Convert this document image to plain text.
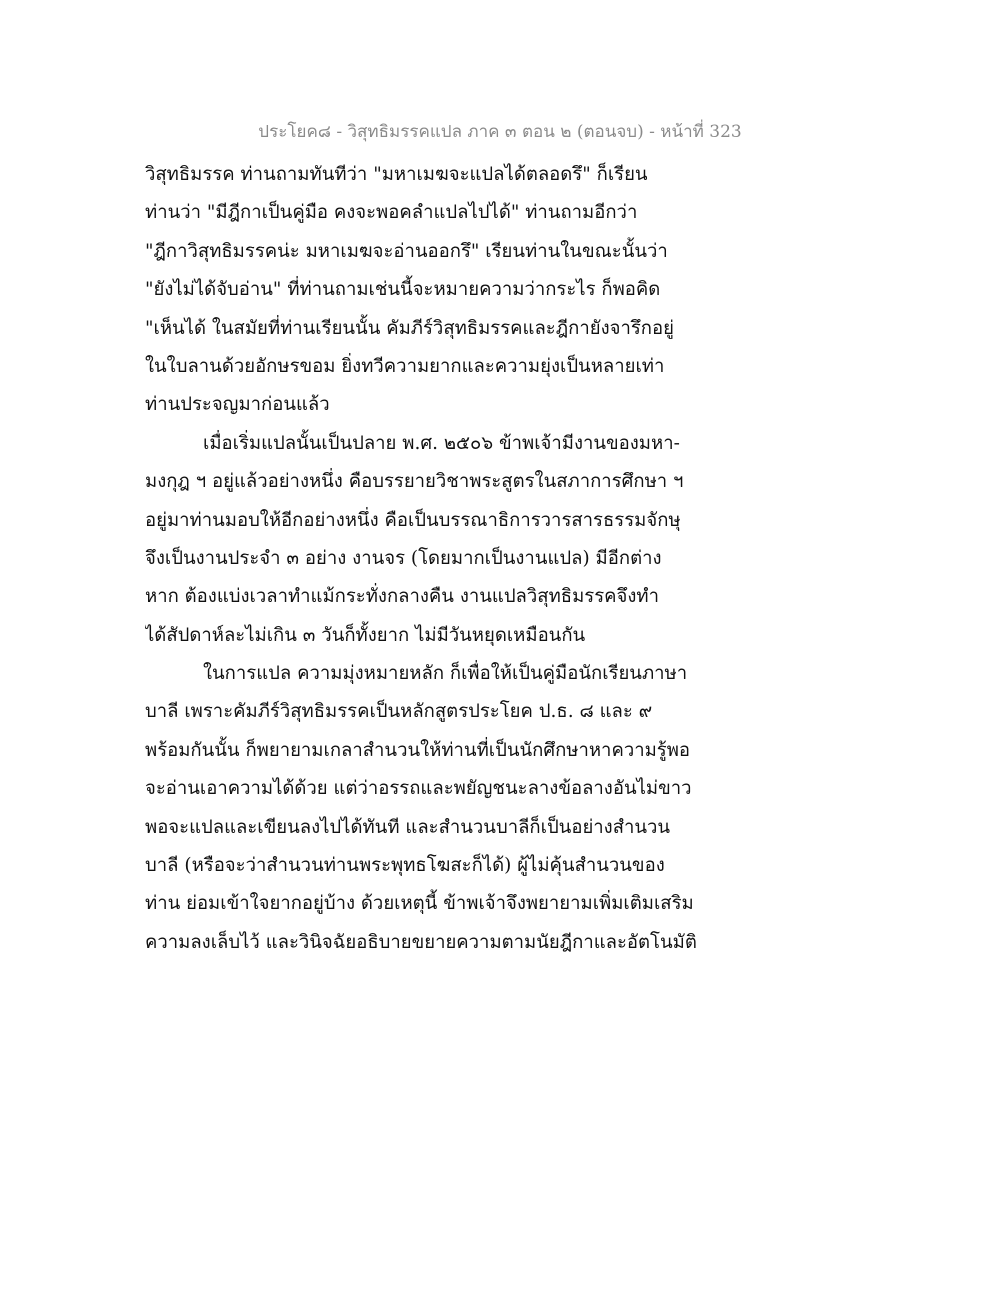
ประโยค๘ - วิสุทธิมรรคแปล ภาค ๓ ตอน ๒ (ตอนจบ) - หน้าที่ 323
วิสุทธิมรรค ท่านถามทันทีว่า "มหาเมฆจะแปลได้ตลอดรึ" ก็เรียน
ท่านว่า "มีฎีกาเป็นคู่มือ คงจะพอคลำแปลไปได้" ท่านถามอีกว่า
"ฎีกาวิสุทธิมรรคน่ะ มหาเมฆจะอ่านออกรึ" เรียนท่านในขณะนั้นว่า
"ยังไม่ได้จับอ่าน" ที่ท่านถามเช่นนี้จะหมายความว่ากระไร ก็พอคิด
"เห็นได้ ในสมัยที่ท่านเรียนนั้น คัมภีร์วิสุทธิมรรคและฎีกายังจารึกอยู่
ในใบลานด้วยอักษรขอม ยิ่งทวีความยากและความยุ่งเป็นหลายเท่า
ท่านประจญมาก่อนแล้ว
เมื่อเริ่มแปลนั้นเป็นปลาย พ.ศ. ๒๕๐๖ ข้าพเจ้ามีงานของมหา-
มงกุฎ ฯ อยู่แล้วอย่างหนึ่ง คือบรรยายวิชาพระสูตรในสภาการศึกษา ฯ
อยู่มาท่านมอบให้อีกอย่างหนึ่ง คือเป็นบรรณาธิการวารสารธรรมจักษุ
จึงเป็นงานประจำ ๓ อย่าง งานจร (โดยมากเป็นงานแปล) มีอีกต่าง
หาก ต้องแบ่งเวลาทำแม้กระทั่งกลางคืน งานแปลวิสุทธิมรรคจึงทำ
ได้สัปดาห์ละไม่เกิน ๓ วันก็ทั้งยาก ไม่มีวันหยุดเหมือนกัน
ในการแปล ความมุ่งหมายหลัก ก็เพื่อให้เป็นคู่มือนักเรียนภาษา
บาลี เพราะคัมภีร์วิสุทธิมรรคเป็นหลักสูตรประโยค ป.ธ. ๘ และ ๙
พร้อมกันนั้น ก็พยายามเกลาสำนวนให้ท่านที่เป็นนักศึกษาหาความรู้พอ
จะอ่านเอาความได้ด้วย แต่ว่าอรรถและพยัญชนะลางข้อลางอันไม่ขาว
พอจะแปลและเขียนลงไปได้ทันที และสำนวนบาลีก็เป็นอย่างสำนวน
บาลี (หรือจะว่าสำนวนท่านพระพุทธโฆสะก็ได้) ผู้ไม่คุ้นสำนวนของ
ท่าน ย่อมเข้าใจยากอยู่บ้าง ด้วยเหตุนี้ ข้าพเจ้าจึงพยายามเพิ่มเติมเสริม
ความลงเล็บไว้ และวินิจฉัยอธิบายขยายความตามนัยฎีกาและอัตโนมัติ
